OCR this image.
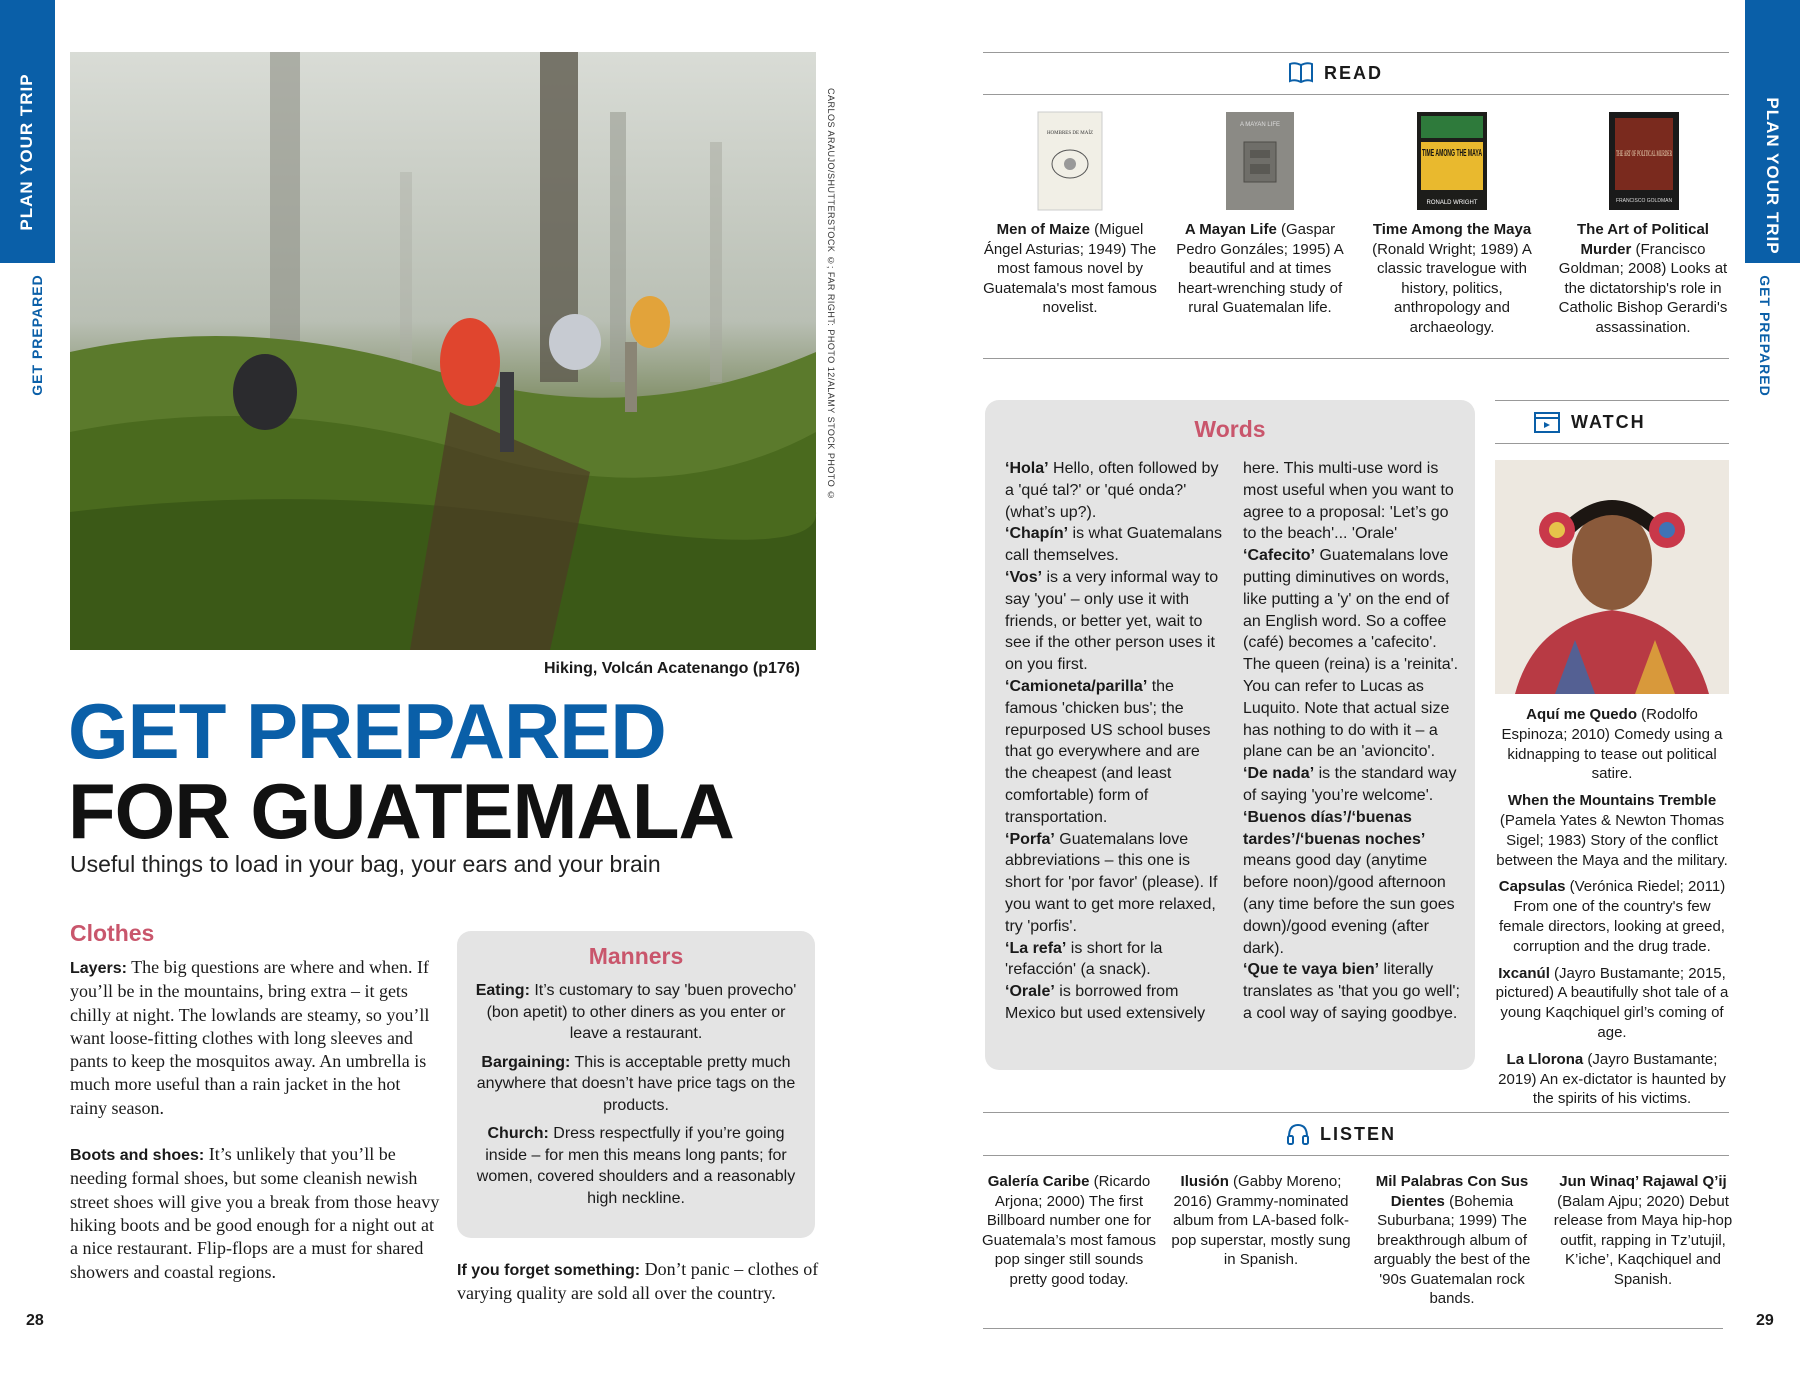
PLAN YOUR TRIP
GET PREPARED
PLAN YOUR TRIP
GET PREPARED
CARLOS ARAUJO/SHUTTERSTOCK ©; FAR RIGHT: PHOTO 12/ALAMY STOCK PHOTO ©
Hiking, Volcán Acatenango (p176)
GET PREPARED
FOR GUATEMALA
Useful things to load in your bag, your ears and your brain
Clothes

Layers: The big questions are where and when. If you’ll be in the mountains, bring extra – it gets chilly at night. The lowlands are steamy, so you’ll want loose-fitting clothes with long sleeves and pants to keep the mosquitos away. An umbrella is much more useful than a rain jacket in the hot rainy season.

Boots and shoes: It’s unlikely that you’ll be needing formal shoes, but some cleanish newish street shoes will give you a break from those heavy hiking boots and be good enough for a night out at a nice restaurant. Flip-flops are a must for shared showers and coastal regions.

Manners

Eating: It’s customary to say 'buen provecho' (bon apetit) to other diners as you enter or leave a restaurant.

Bargaining: This is acceptable pretty much anywhere that doesn’t have price tags on the products.

Church: Dress respectfully if you’re going inside – for men this means long pants; for women, covered shoulders and a reasonably high neckline.

If you forget something: Don’t panic – clothes of varying quality are sold all over the country.
28	29
READ
HOMBRES DE MAÍZ
A MAYAN LIFE
TIME AMONG THE MAYA
RONALD WRIGHT
THE ART OF POLITICAL MURDER
FRANCISCO GOLDMAN
Men of Maize (Miguel Ángel Asturias; 1949) The most famous novel by Guatemala's most famous novelist.
A Mayan Life (Gaspar Pedro Gonzáles; 1995) A beautiful and at times heart-wrenching study of rural Guatemalan life.
Time Among the Maya (Ronald Wright; 1989) A classic travelogue with history, politics, anthropology and archaeology.
The Art of Political Murder (Francisco Goldman; 2008) Looks at the dictatorship's role in Catholic Bishop Gerardi's assassination.
Words
‘Hola’ Hello, often followed by a 'qué tal?' or 'qué onda?' (what’s up?).
‘Chapín’ is what Guatemalans call themselves.
‘Vos’ is a very informal way to say 'you' – only use it with friends, or better yet, wait to see if the other person uses it on you first.
‘Camioneta/parilla’ the famous 'chicken bus'; the repurposed US school buses that go everywhere and are the cheapest (and least comfortable) form of transportation.
‘Porfa’ Guatemalans love abbreviations – this one is short for 'por favor' (please). If you want to get more relaxed, try 'porfis'.
‘La refa’ is short for la 'refacción' (a snack).
‘Orale’ is borrowed from Mexico but used extensively
here. This multi-use word is most useful when you want to agree to a proposal: 'Let’s go to the beach'... 'Orale'
‘Cafecito’ Guatemalans love putting diminutives on words, like putting a 'y' on the end of an English word. So a coffee (café) becomes a 'cafecito'. The queen (reina) is a 'reinita'. You can refer to Lucas as Luquito. Note that actual size has nothing to do with it – a plane can be an 'avioncito'.
‘De nada’ is the standard way of saying 'you’re welcome'.
‘Buenos días’/‘buenas tardes’/‘buenas noches’ means good day (anytime before noon)/good afternoon (any time before the sun goes down)/good evening (after dark).
‘Que te vaya bien’ literally translates as 'that you go well'; a cool way of saying goodbye.
WATCH

Aquí me Quedo (Rodolfo Espinoza; 2010) Comedy using a kidnapping to tease out political satire.

When the Mountains Tremble (Pamela Yates & Newton Thomas Sigel; 1983) Story of the conflict between the Maya and the military.

Capsulas (Verónica Riedel; 2011) From one of the country's few female directors, looking at greed, corruption and the drug trade.

Ixcanúl (Jayro Bustamante; 2015, pictured) A beautifully shot tale of a young Kaqchiquel girl’s coming of age.

La Llorona (Jayro Bustamante; 2019) An ex-dictator is haunted by the spirits of his victims.

LISTEN
Galería Caribe (Ricardo Arjona; 2000) The first Billboard number one for Guatemala’s most famous pop singer still sounds pretty good today.
Ilusión (Gabby Moreno; 2016) Grammy-nominated album from LA-based folk-pop superstar, mostly sung in Spanish.
Mil Palabras Con Sus Dientes (Bohemia Suburbana; 1999) The breakthrough album of arguably the best of the '90s Guatemalan rock bands.
Jun Winaq’ Rajawal Q’ij (Balam Ajpu; 2020) Debut release from Maya hip-hop outfit, rapping in Tz’utujil, K’iche’, Kaqchiquel and Spanish.
